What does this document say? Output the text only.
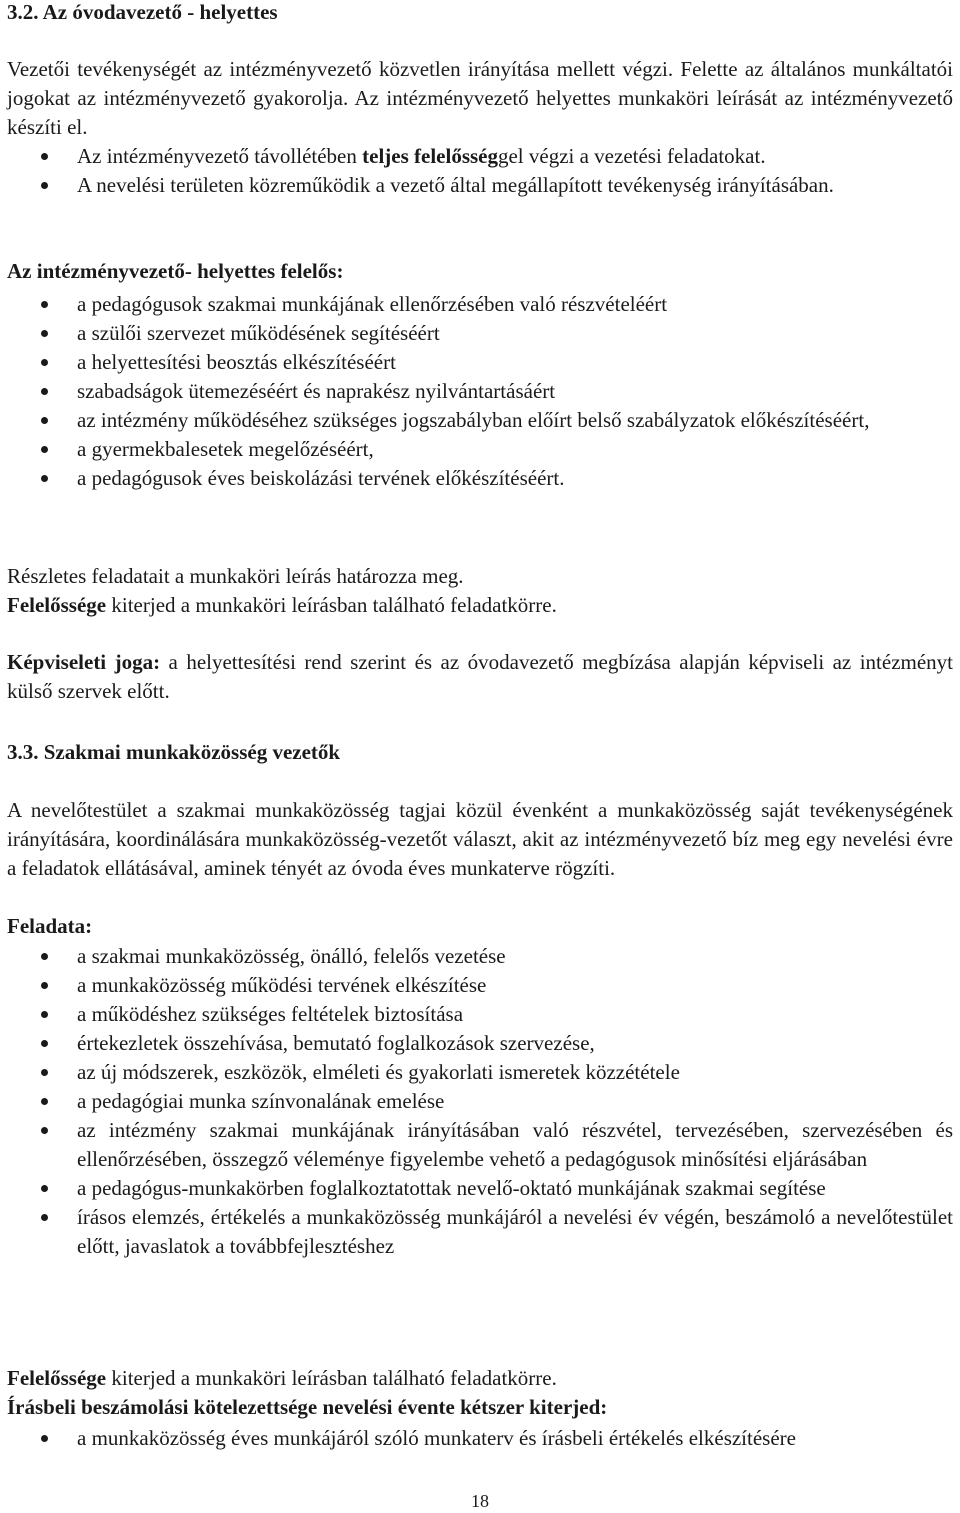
3.2. Az óvodavezető - helyettes

Vezetői tevékenységét az intézményvezető közvetlen irányítása mellett végzi. Felette az általános munkáltatói jogokat az intézményvezető gyakorolja. Az intézményvezető helyettes munkaköri leírását az intézményvezető készíti el.

Az intézményvezető távollétében teljes felelősséggel végzi a vezetési feladatokat.
A nevelési területen közreműködik a vezető által megállapított tevékenység irányításában.

Az intézményvezető- helyettes felelős:

a pedagógusok szakmai munkájának ellenőrzésében való részvételéért
a szülői szervezet működésének segítéséért
a helyettesítési beosztás elkészítéséért
szabadságok ütemezéséért és naprakész nyilvántartásáért
az intézmény működéséhez szükséges jogszabályban előírt belső szabályzatok előkészítéséért,
a gyermekbalesetek megelőzéséért,
a pedagógusok éves beiskolázási tervének előkészítéséért.

Részletes feladatait a munkaköri leírás határozza meg.

Felelőssége kiterjed a munkaköri leírásban található feladatkörre.

Képviseleti joga: a helyettesítési rend szerint és az óvodavezető megbízása alapján képviseli az intézményt külső szervek előtt.

3.3. Szakmai munkaközösség vezetők

A nevelőtestület a szakmai munkaközösség tagjai közül évenként a munkaközösség saját tevékenységének irányítására, koordinálására munkaközösség-vezetőt választ, akit az intézményvezető bíz meg egy nevelési évre a feladatok ellátásával, aminek tényét az óvoda éves munkaterve rögzíti.

Feladata:

a szakmai munkaközösség, önálló, felelős vezetése
a munkaközösség működési tervének elkészítése
a működéshez szükséges feltételek biztosítása
értekezletek összehívása, bemutató foglalkozások szervezése,
az új módszerek, eszközök, elméleti és gyakorlati ismeretek közzététele
a pedagógiai munka színvonalának emelése
az intézmény szakmai munkájának irányításában való részvétel, tervezésében, szervezésében és ellenőrzésében, összegző véleménye figyelembe vehető a pedagógusok minősítési eljárásában
a pedagógus-munkakörben foglalkoztatottak nevelő-oktató munkájának szakmai segítése
írásos elemzés, értékelés a munkaközösség munkájáról a nevelési év végén, beszámoló a nevelőtestület előtt, javaslatok a továbbfejlesztéshez

Felelőssége kiterjed a munkaköri leírásban található feladatkörre.

Írásbeli beszámolási kötelezettsége nevelési évente kétszer kiterjed:

a munkaközösség éves munkájáról szóló munkaterv és írásbeli értékelés elkészítésére
18
